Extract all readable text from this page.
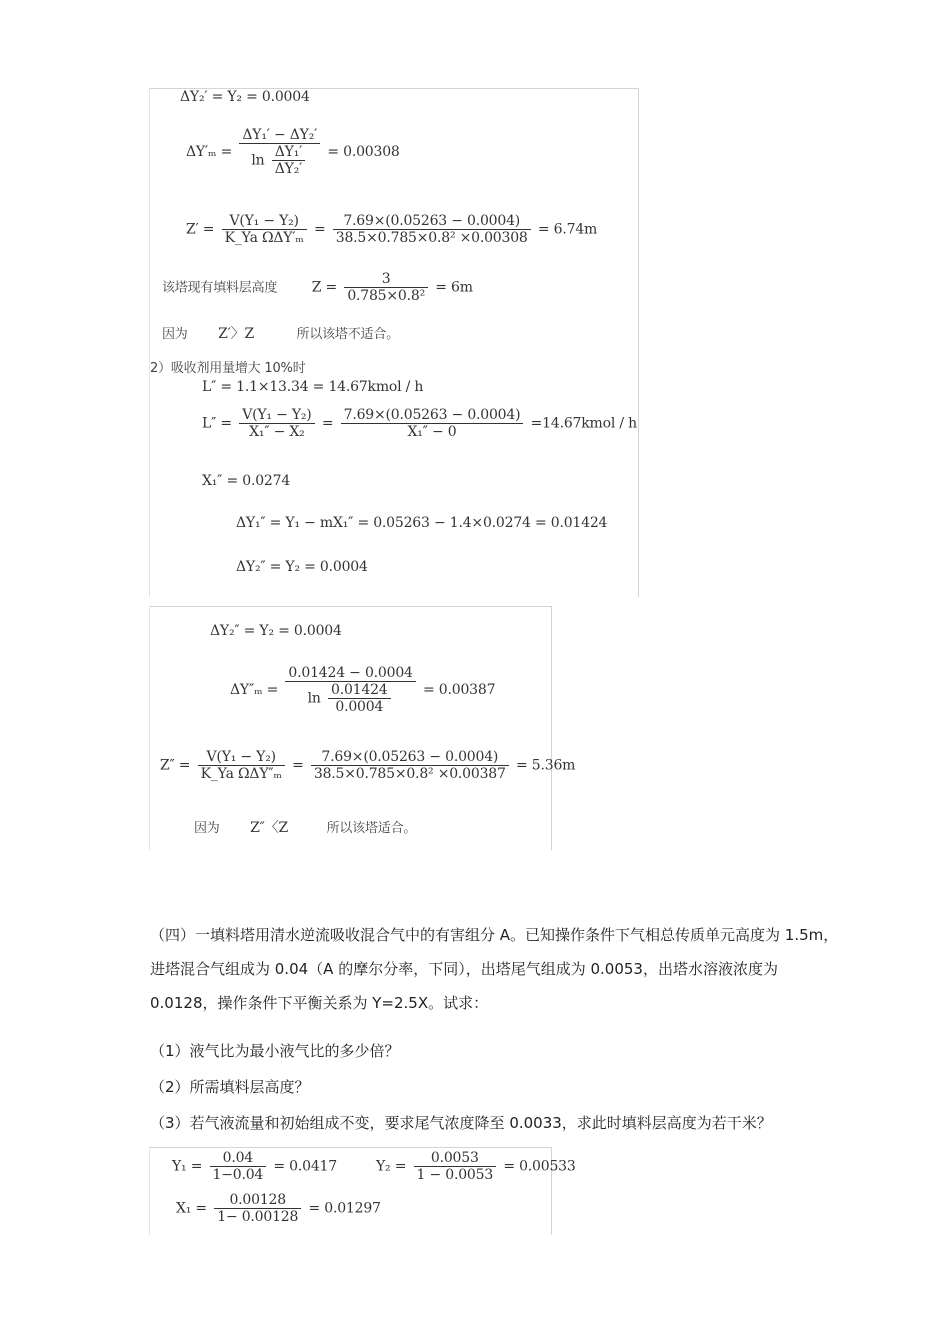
ΔY₂′ = Y₂ = 0.0004
$\Delta Y'_m = \frac{\text{ΔY₁′ − ΔY₂′}}{\ln \frac{\text{ΔY₁′}}{\text{ΔY₂′}}} = 0.00308$
$Z' = \frac{\text{V(Y₁ − Y₂)}}{\text{K\_Ya ΩΔY′ₘ}} = \frac{7.69\times(0.05263 - 0.0004)}{\text{38.5×0.785×0.8² ×0.00308}} = 6.74m$
该塔现有填料层高度 $Z = \frac{3}{\text{0.785×0.8²}} = 6m$
因为 Z′〉Z	所以该塔不适合。
2）吸收剂用量增大 10%时
L″ = 1.1×13.34 = 14.67kmol / h
$L'' = \frac{\text{V(Y₁ − Y₂)}}{\text{X₁″ − X₂}} = \frac{7.69\times(0.05263 - 0.0004)}{\text{X₁″ − 0}}$ =14.67kmol / h
X₁″ = 0.0274
ΔY₁″ = Y₁ − mX₁″ = 0.05263 − 1.4×0.0274 = 0.01424
ΔY₂″ = Y₂ = 0.0004
ΔY₂″ = Y₂ = 0.0004
$\Delta Y''_m = \frac{0.01424 - 0.0004}{\ln \frac{0.01424}{0.0004}} = 0.00387$
$Z'' = \frac{\text{V(Y₁ − Y₂)}}{\text{K\_Ya ΩΔY″ₘ}} = \frac{7.69\times(0.05263 - 0.0004)}{\text{38.5×0.785×0.8² ×0.00387}} = 5.36m$
因为 Z″〈Z	所以该塔适合。
（四）一填料塔用清水逆流吸收混合气中的有害组分 A。已知操作条件下气相总传质单元高度为 1.5m，进塔混合气组成为 0.04（A 的摩尔分率，下同），出塔尾气组成为 0.0053，出塔水溶液浓度为 0.0128，操作条件下平衡关系为 Y=2.5X。试求：
（1）液气比为最小液气比的多少倍？
（2）所需填料层高度？
（3）若气液流量和初始组成不变，要求尾气浓度降至 0.0033，求此时填料层高度为若干米？
$Y_1 = \frac{0.04}{1-0.04} = 0.0417$	$Y_2 = \frac{0.0053}{1 - 0.0053} = 0.00533$
$X_1 = \frac{0.00128}{1- 0.00128} = 0.01297$
